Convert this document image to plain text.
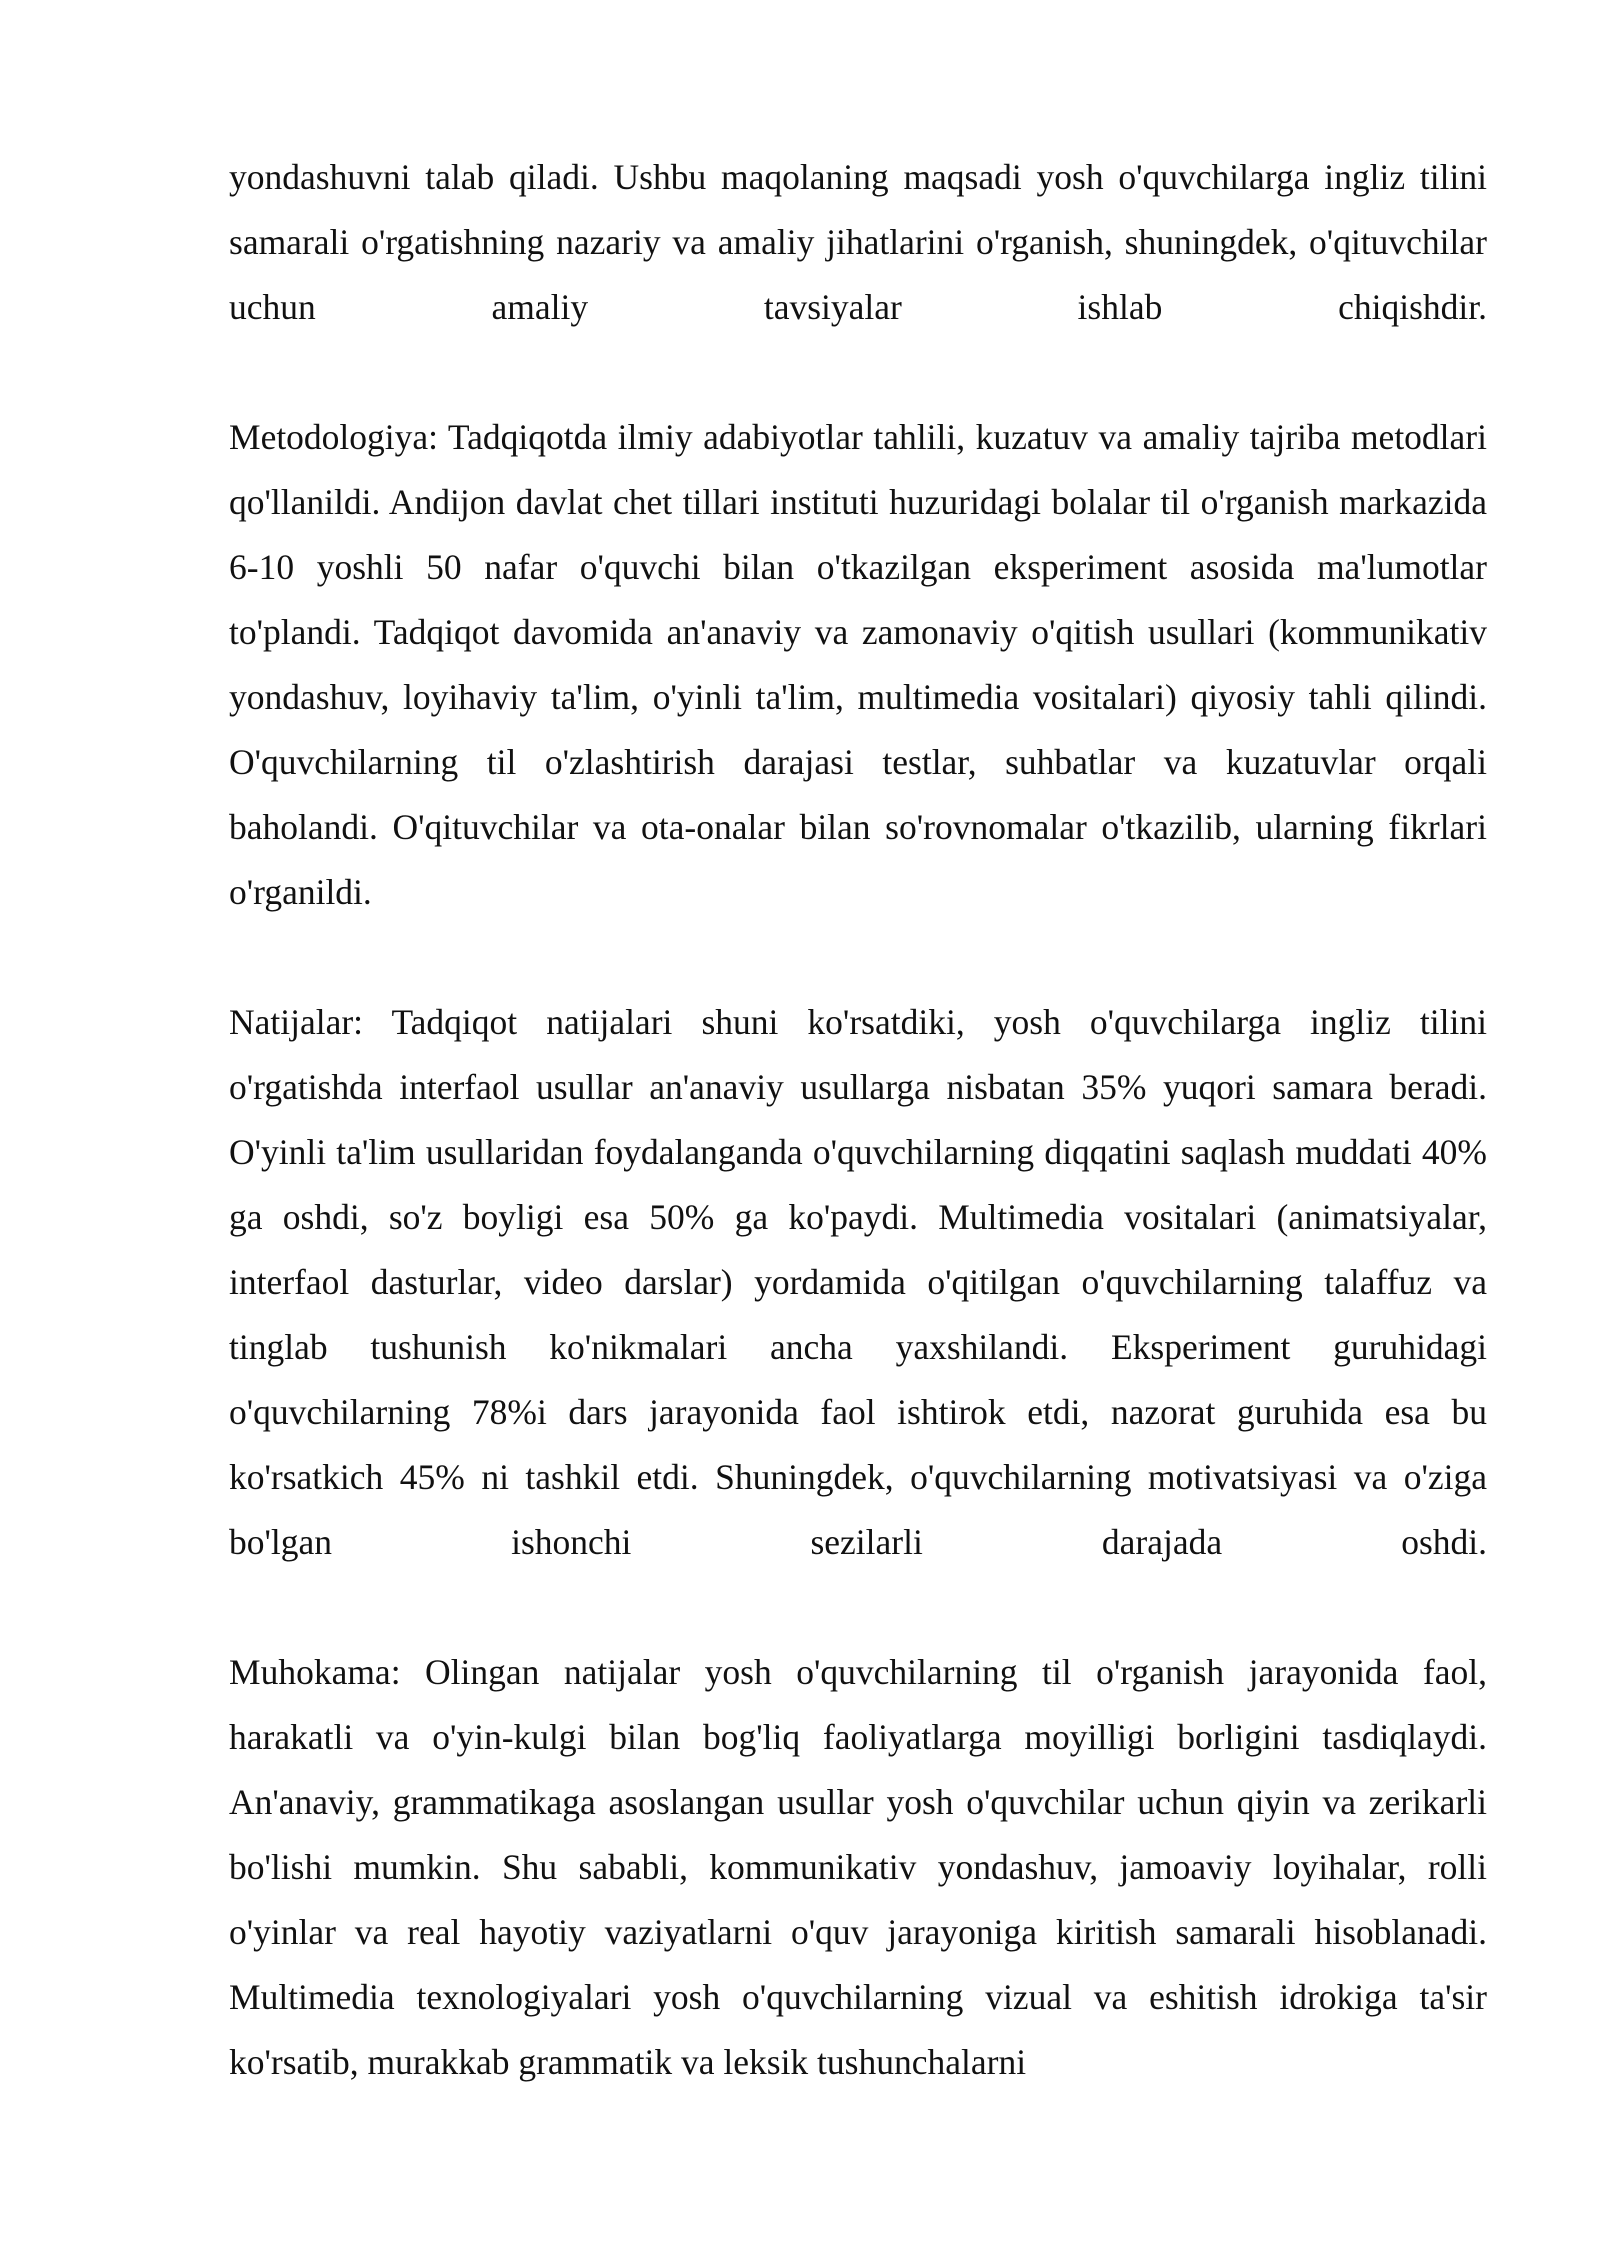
yondashuvni talab qiladi. Ushbu maqolaning maqsadi yosh o'quvchilarga ingliz tilini samarali o'rgatishning nazariy va amaliy jihatlarini o'rganish, shuningdek, o'qituvchilar uchun amaliy tavsiyalar ishlab chiqishdir.

Metodologiya: Tadqiqotda ilmiy adabiyotlar tahlili, kuzatuv va amaliy tajriba metodlari qo'llanildi. Andijon davlat chet tillari instituti huzuridagi bolalar til o'rganish markazida 6-10 yoshli 50 nafar o'quvchi bilan o'tkazilgan eksperiment asosida ma'lumotlar to'plandi. Tadqiqot davomida an'anaviy va zamonaviy o'qitish usullari (kommunikativ yondashuv, loyihaviy ta'lim, o'yinli ta'lim, multimedia vositalari) qiyosiy tahli qilindi. O'quvchilarning til o'zlashtirish darajasi testlar, suhbatlar va kuzatuvlar orqali baholandi. O'qituvchilar va ota-onalar bilan so'rovnomalar o'tkazilib, ularning fikrlari o'rganildi.

Natijalar: Tadqiqot natijalari shuni ko'rsatdiki, yosh o'quvchilarga ingliz tilini o'rgatishda interfaol usullar an'anaviy usullarga nisbatan 35% yuqori samara beradi. O'yinli ta'lim usullaridan foydalanganda o'quvchilarning diqqatini saqlash muddati 40% ga oshdi, so'z boyligi esa 50% ga ko'paydi. Multimedia vositalari (animatsiyalar, interfaol dasturlar, video darslar) yordamida o'qitilgan o'quvchilarning talaffuz va tinglab tushunish ko'nikmalari ancha yaxshilandi. Eksperiment guruhidagi o'quvchilarning 78%i dars jarayonida faol ishtirok etdi, nazorat guruhida esa bu ko'rsatkich 45% ni tashkil etdi. Shuningdek, o'quvchilarning motivatsiyasi va o'ziga bo'lgan ishonchi sezilarli darajada oshdi.

Muhokama: Olingan natijalar yosh o'quvchilarning til o'rganish jarayonida faol, harakatli va o'yin-kulgi bilan bog'liq faoliyatlarga moyilligi borligini tasdiqlaydi. An'anaviy, grammatikaga asoslangan usullar yosh o'quvchilar uchun qiyin va zerikarli bo'lishi mumkin. Shu sababli, kommunikativ yondashuv, jamoaviy loyihalar, rolli o'yinlar va real hayotiy vaziyatlarni o'quv jarayoniga kiritish samarali hisoblanadi. Multimedia texnologiyalari yosh o'quvchilarning vizual va eshitish idrokiga ta'sir ko'rsatib, murakkab grammatik va leksik tushunchalarni
